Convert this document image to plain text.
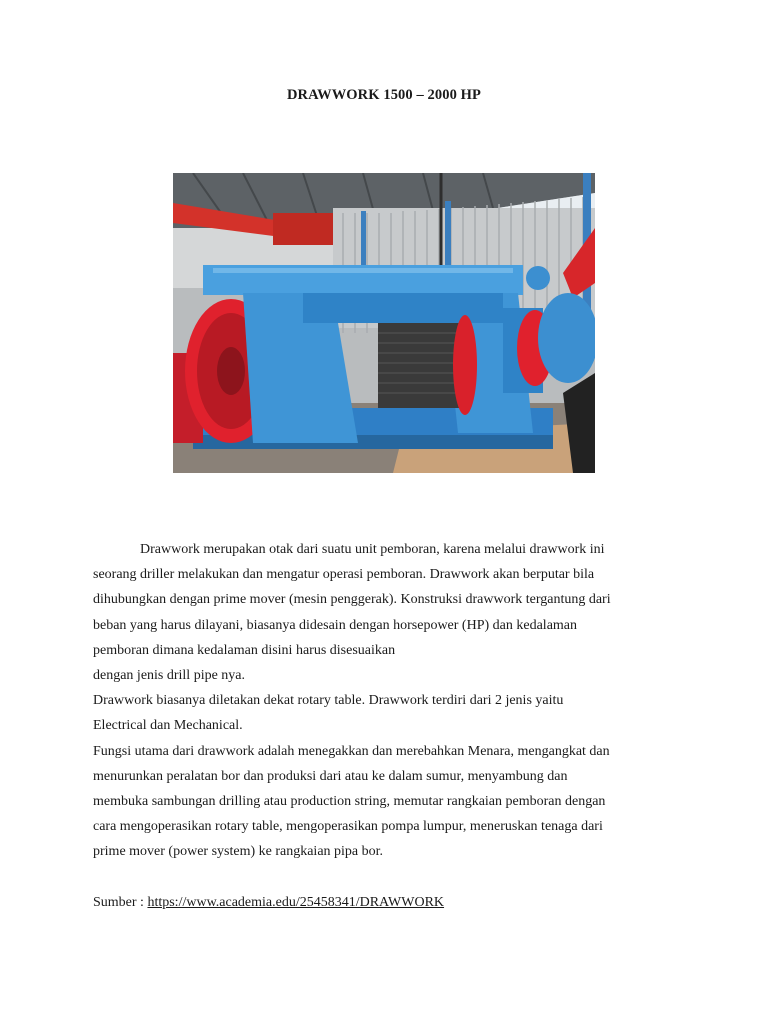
DRAWWORK 1500 – 2000 HP

Drawwork merupakan otak dari suatu unit pemboran, karena melalui drawwork ini

seorang driller melakukan dan mengatur operasi pemboran. Drawwork akan berputar bila

dihubungkan dengan prime mover (mesin penggerak). Konstruksi drawwork tergantung dari

beban yang harus dilayani, biasanya didesain dengan horsepower (HP) dan kedalaman

pemboran dimana kedalaman disini harus disesuaikan

dengan jenis drill pipe nya.

Drawwork biasanya diletakan dekat rotary table. Drawwork terdiri dari 2 jenis yaitu

Electrical dan Mechanical.

Fungsi utama dari drawwork adalah menegakkan dan merebahkan Menara, mengangkat dan

menurunkan peralatan bor dan produksi dari atau ke dalam sumur, menyambung dan

membuka sambungan drilling atau production string, memutar rangkaian pemboran dengan

cara mengoperasikan rotary table, mengoperasikan pompa lumpur, meneruskan tenaga dari

prime mover (power system) ke rangkaian pipa bor.

Sumber : https://www.academia.edu/25458341/DRAWWORK
